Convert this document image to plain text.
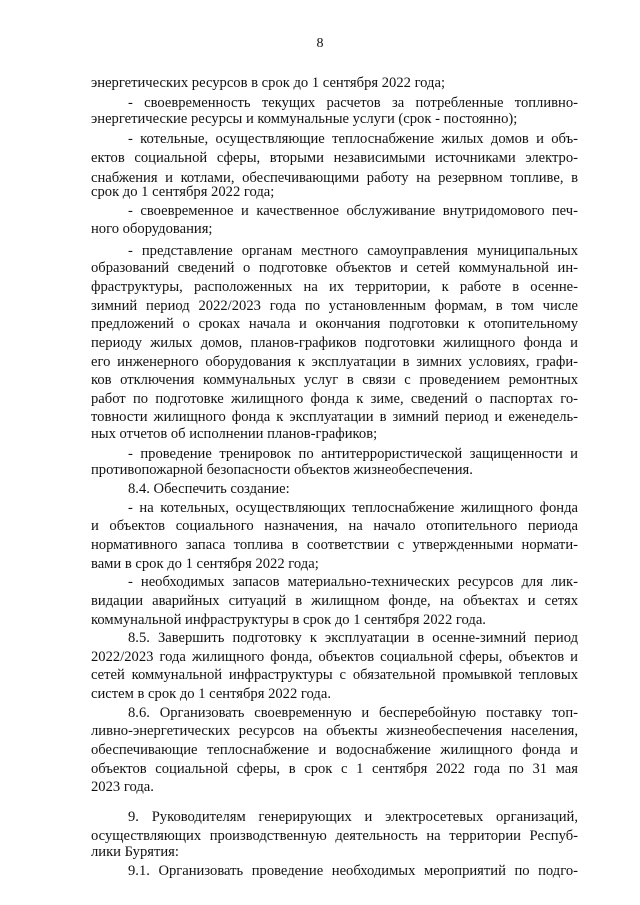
8
энергетических ресурсов в срок до 1 сентября 2022 года;
- своевременность текущих расчетов за потребленные топливно-
энергетические ресурсы и коммунальные услуги (срок - постоянно);
- котельные, осуществляющие теплоснабжение жилых домов и объ-
ектов социальной сферы, вторыми независимыми источниками электро-
снабжения и котлами, обеспечивающими работу на резервном топливе, в
срок до 1 сентября 2022 года;
- своевременное и качественное обслуживание внутридомового печ-
ного оборудования;
- представление органам местного самоуправления муниципальных
образований сведений о подготовке объектов и сетей коммунальной ин-
фраструктуры, расположенных на их территории, к работе в осенне-
зимний период 2022/2023 года по установленным формам, в том числе
предложений о сроках начала и окончания подготовки к отопительному
периоду жилых домов, планов-графиков подготовки жилищного фонда и
его инженерного оборудования к эксплуатации в зимних условиях, графи-
ков отключения коммунальных услуг в связи с проведением ремонтных
работ по подготовке жилищного фонда к зиме, сведений о паспортах го-
товности жилищного фонда к эксплуатации в зимний период и еженедель-
ных отчетов об исполнении планов-графиков;
- проведение тренировок по антитеррористической защищенности и
противопожарной безопасности объектов жизнеобеспечения.
8.4. Обеспечить создание:
- на котельных, осуществляющих теплоснабжение жилищного фонда
и объектов социального назначения, на начало отопительного периода
нормативного запаса топлива в соответствии с утвержденными нормати-
вами в срок до 1 сентября 2022 года;
- необходимых запасов материально-технических ресурсов для лик-
видации аварийных ситуаций в жилищном фонде, на объектах и сетях
коммунальной инфраструктуры в срок до 1 сентября 2022 года.
8.5. Завершить подготовку к эксплуатации в осенне-зимний период
2022/2023 года жилищного фонда, объектов социальной сферы, объектов и
сетей коммунальной инфраструктуры с обязательной промывкой тепловых
систем в срок до 1 сентября 2022 года.
8.6. Организовать своевременную и бесперебойную поставку топ-
ливно-энергетических ресурсов на объекты жизнеобеспечения населения,
обеспечивающие теплоснабжение и водоснабжение жилищного фонда и
объектов социальной сферы, в срок с 1 сентября 2022 года по 31 мая
2023 года.
9. Руководителям генерирующих и электросетевых организаций,
осуществляющих производственную деятельность на территории Респуб-
лики Бурятия:
9.1. Организовать проведение необходимых мероприятий по подго-
